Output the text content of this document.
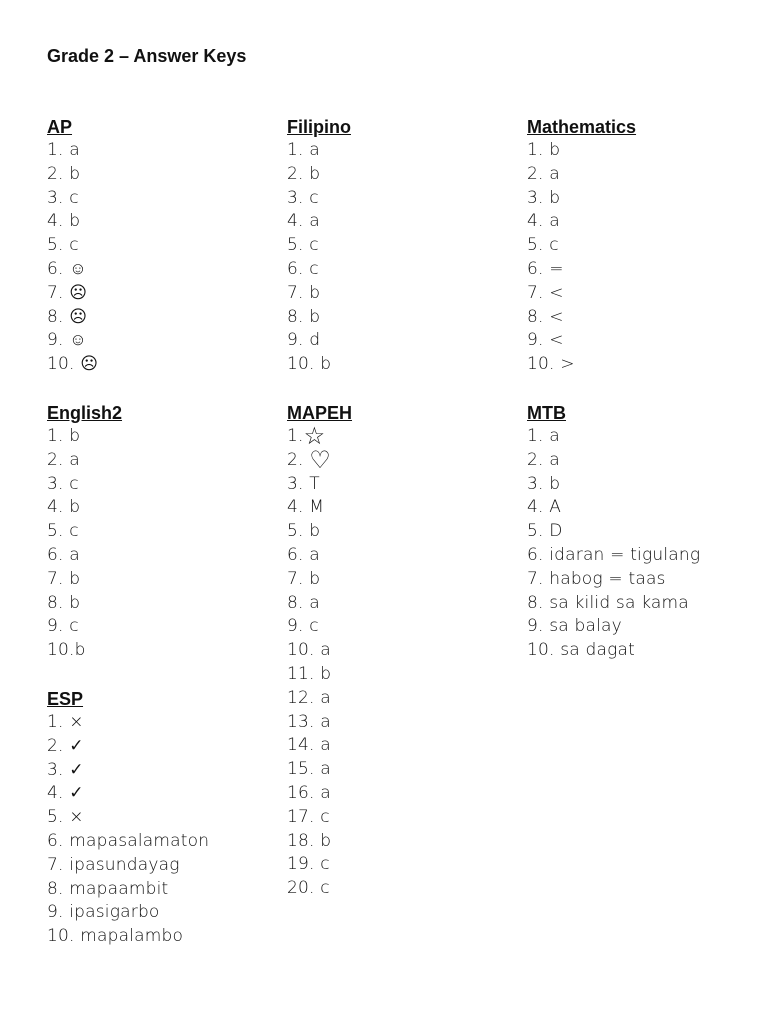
Grade 2 – Answer Keys
AP
1. a
2. b
3. c
4. b
5. c
6. ☺
7. ☹
8. ☹
9. ☺
10. ☹
Filipino
1. a
2. b
3. c
4. a
5. c
6. c
7. b
8. b
9. d
10. b
Mathematics
1. b
2. a
3. b
4. a
5. c
6. =
7. <
8. <
9. <
10. >
English2
1. b
2. a
3. c
4. b
5. c
6. a
7. b
8. b
9. c
10.b
MAPEH
1.☆
2. ♡
3. T
4. M
5. b
6. a
7. b
8. a
9. c
10. a
11. b
12. a
13. a
14. a
15. a
16. a
17. c
18. b
19. c
20. c
MTB
1. a
2. a
3. b
4. A
5. D
6. idaran = tigulang
7. habog = taas
8. sa kilid sa kama
9. sa balay
10. sa dagat
ESP
1. ×
2. ✓
3. ✓
4. ✓
5. ×
6. mapasalamaton
7. ipasundayag
8. mapaambit
9. ipasigarbo
10. mapalambo
